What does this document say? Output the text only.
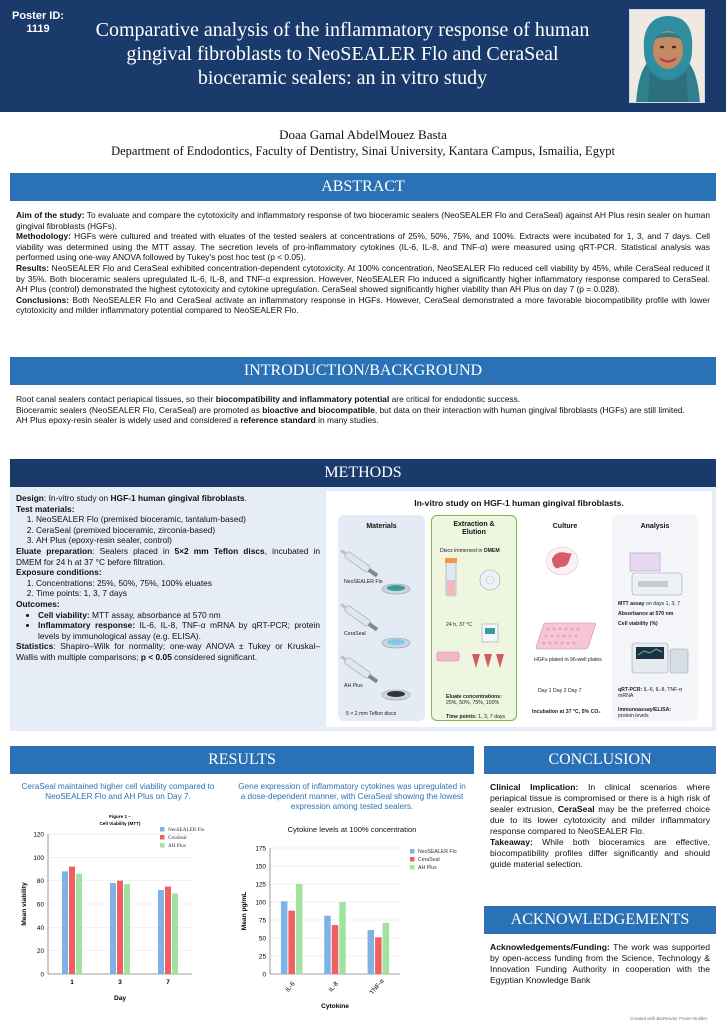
Poster ID:
1119	Comparative analysis of the inflammatory response of human
gingival fibroblasts to NeoSEALER Flo and CeraSeal
bioceramic sealers: an in vitro study
Doaa Gamal AbdelMouez Basta
Department of Endodontics, Faculty of Dentistry, Sinai University, Kantara Campus, Ismailia, Egypt
ABSTRACT

Aim of the study: To evaluate and compare the cytotoxicity and inflammatory response of two bioceramic sealers (NeoSEALER Flo and CeraSeal) against AH Plus resin sealer on human gingival fibroblasts (HGFs).

Methodology: HGFs were cultured and treated with eluates of the tested sealers at concentrations of 25%, 50%, 75%, and 100%. Extracts were incubated for 1, 3, and 7 days. Cell viability was determined using the MTT assay. The secretion levels of pro-inflammatory cytokines (IL-6, IL-8, and TNF-α) were measured using qRT-PCR. Statistical analysis was performed using one-way ANOVA followed by Tukey's post hoc test (p < 0.05).

Results: NeoSEALER Flo and CeraSeal exhibited concentration-dependent cytotoxicity. At 100% concentration, NeoSEALER Flo reduced cell viability by 45%, while CeraSeal reduced it by 35%. Both bioceramic sealers upregulated IL-6, IL-8, and TNF-α expression. However, NeoSEALER Flo induced a significantly higher inflammatory response compared to CeraSeal. AH Plus (control) demonstrated the highest cytotoxicity and cytokine upregulation. CeraSeal showed significantly higher viability than AH Plus on day 7 (p = 0.028).

Conclusions: Both NeoSEALER Flo and CeraSeal activate an inflammatory response in HGFs. However, CeraSeal demonstrated a more favorable biocompatibility profile with lower cytotoxicity and milder inflammatory potential compared to NeoSEALER Flo.

INTRODUCTION/BACKGROUND

Root canal sealers contact periapical tissues, so their biocompatibility and inflammatory potential are critical for endodontic success.

Bioceramic sealers (NeoSEALER Flo, CeraSeal) are promoted as bioactive and biocompatible, but data on their interaction with human gingival fibroblasts (HGFs) are still limited.

AH Plus epoxy-resin sealer is widely used and considered a reference standard in many studies.

METHODS

Design: In-vitro study on HGF-1 human gingival fibroblasts.

Test materials:

1. NeoSEALER Flo (premixed bioceramic, tantalum-based)
2. CeraSeal (premixed bioceramic, zirconia-based)
3. AH Plus (epoxy-resin sealer, control)

Eluate preparation: Sealers placed in 5×2 mm Teflon discs, incubated in DMEM for 24 h at 37 °C before filtration.

Exposure conditions:

1. Concentrations: 25%, 50%, 75%, 100% eluates
2. Time points: 1, 3, 7 days

Outcomes:

• Cell viability: MTT assay, absorbance at 570 nm
• Inflammatory response: IL-6, IL-8, TNF-α mRNA by qRT-PCR; protein levels by immunological assay (e.g. ELISA).

Statistics: Shapiro–Wilk for normality; one-way ANOVA ± Tukey or Kruskal–Wallis with multiple comparisons; p < 0.05 considered significant.

In-vitro study on HGF-1 human gingival fibroblasts.
Materials
NeoSEALER Flo
CeraSeal
AH Plus
5 × 2 mm Teflon discs
Extraction &
Elution
Discs immersed in DMEM
24 h, 37 °C
Eluate concentrations:
25%, 50%, 75%, 100%
Time points: 1, 3, 7 days
Culture
HGFs plated in 96-well plates
Day 1 Day 3 Day 7
Incubation at 37 °C, 5% CO₂
Analysis
MTT assay on days 1, 3, 7
Absorbance at 570 nm
Cell viability (%)
qRT-PCR: IL-6, IL-8, TNF-α
mRNA
Immunoassay/ELISA:
protein levels
RESULTS
CeraSeal maintained higher cell viability compared to NeoSEALER Flo and AH Plus on Day 7.
Gene expression of inflammatory cytokines was upregulated in a dose-dependent manner, with CeraSeal showing the lowest expression among tested sealers.
Cytokine levels at 100% concentration
Figure 1 –
Cell Viability (MTT)
0
20
40
60
80
100
120
1	3	7
Day
Mean viability
NeoSEALER Flo
CeraSeal
AH Plus
0
25
50
75
100
125
150
175
IL-6	IL-8	TNF-α
Cytokine
Mean pg/mL
NeoSEALER Flo
CeraSeal
AH Plus
CONCLUSION

Clinical Implication: In clinical scenarios where periapical tissue is compromised or there is a high risk of sealer extrusion, CeraSeal may be the preferred choice due to its lower cytotoxicity and milder inflammatory response compared to NeoSEALER Flo.

Takeaway: While both bioceramics are effective, biocompatibility profiles differ significantly and should guide material selection.

ACKNOWLEDGEMENTS

Acknowledgements/Funding: The work was supported by open-access funding from the Science, Technology & Innovation Funding Authority in cooperation with the Egyptian Knowledge Bank

Created with BioRender Poster Builder
